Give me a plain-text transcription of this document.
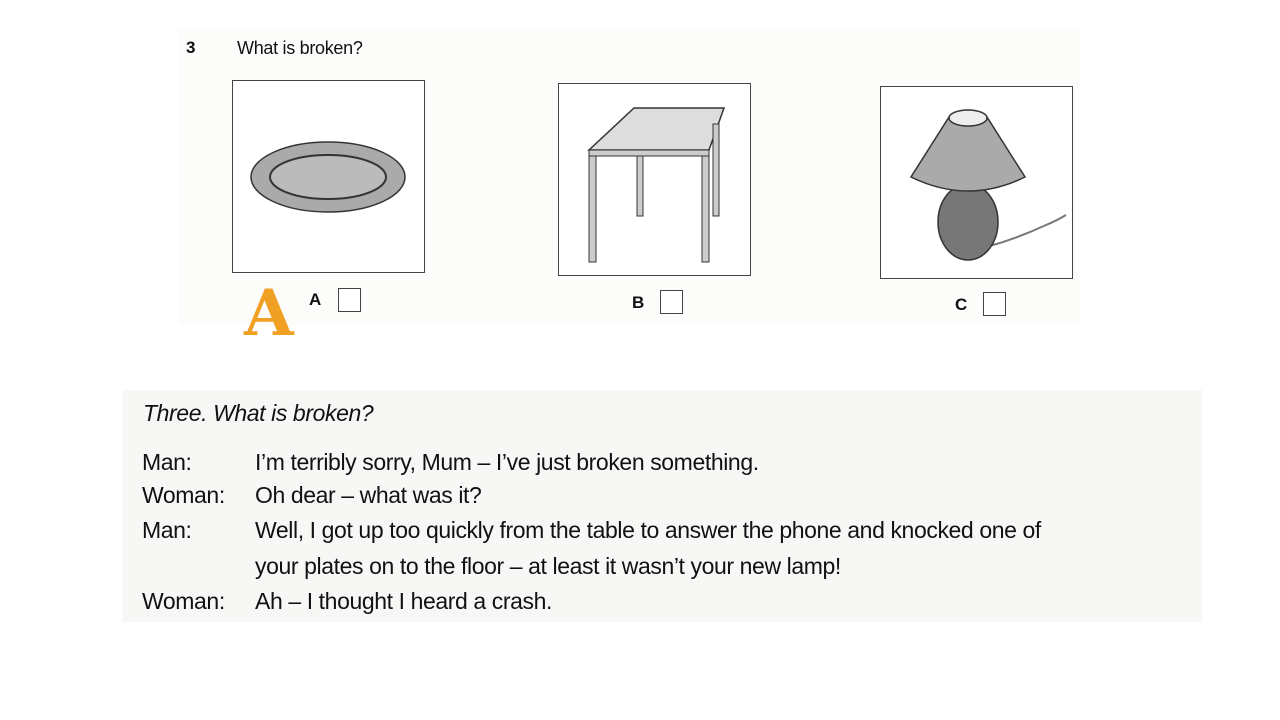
3 What is broken?
A	B	C
A
Three. What is broken?
Man:	I’m terribly sorry, Mum – I’ve just broken something.
Woman: Oh dear – what was it?
Man:	Well, I got up too quickly from the table to answer the phone and knocked one of
your plates on to the floor – at least it wasn’t your new lamp!
Woman: Ah – I thought I heard a crash.
